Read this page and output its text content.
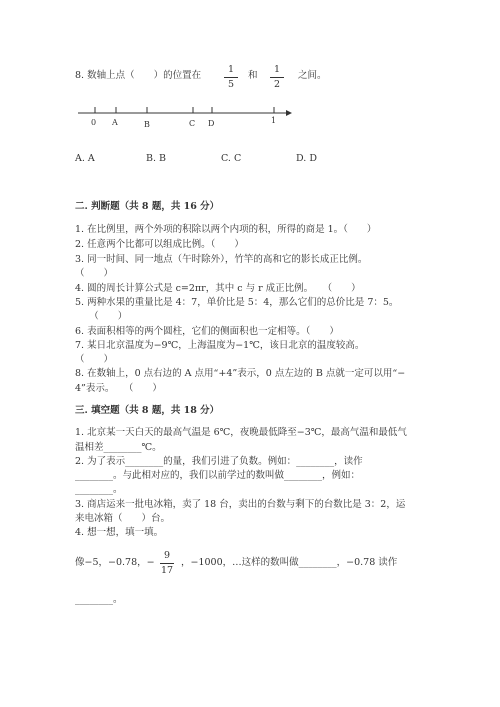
8. 数轴上点（　　）的位置在
1
5
和
1
2
之间。
0 A	B	C D	1
A. A	B. B	C. C	D. D
二. 判断题（共 8 题，共 16 分）
1. 在比例里，两个外项的积除以两个内项的积，所得的商是 1。（　　）
2. 任意两个比都可以组成比例。（　　）
3. 同一时间、同一地点（午时除外），竹竿的高和它的影长成正比例。
（　　）
4. 圆的周长计算公式是 c=2πr，其中 c 与 r 成正比例。　　（　　）
5. 两种水果的重量比是 4：7，单价比是 5：4，那么它们的总价比是 7：5。
　　（　　）
6. 表面积相等的两个圆柱，它们的侧面积也一定相等。（　　）
7. 某日北京温度为−9℃，上海温度为−1℃，该日北京的温度较高。
（　　）
8. 在数轴上，0 点右边的 A 点用“+4”表示，0 点左边的 B 点就一定可以用“−
4”表示。　　（　　）
三. 填空题（共 8 题，共 18 分）
1. 北京某一天白天的最高气温是 6℃，夜晚最低降至−3℃，最高气温和最低气
温相差________℃。
2. 为了表示________的量，我们引进了负数。例如：________，读作
________。与此相对应的，我们以前学过的数叫做________，例如：
________。
3. 商店运来一批电冰箱，卖了 18 台，卖出的台数与剩下的台数比是 3：2，运
来电冰箱（　　）台。
4. 想一想，填一填。
像−5，−0.78，−
9
17
，−1000，…这样的数叫做________，−0.78 读作
________。
